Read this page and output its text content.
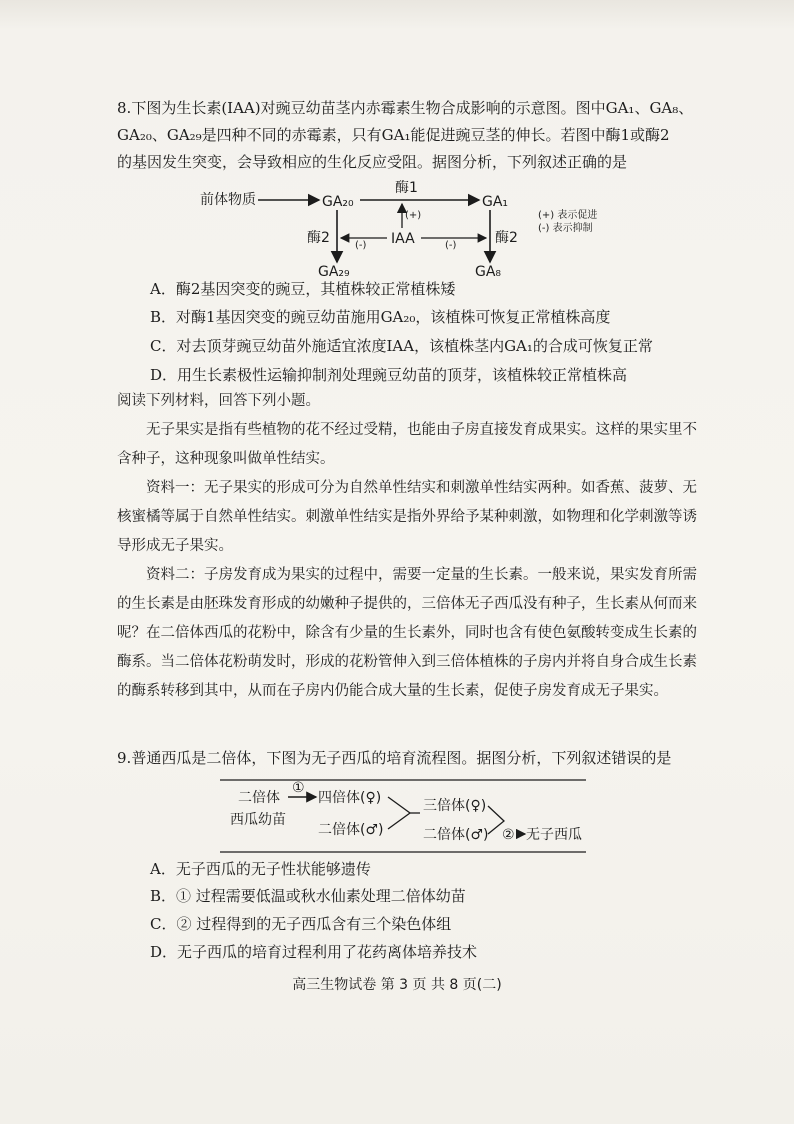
8.下图为生长素(IAA)对豌豆幼苗茎内赤霉素生物合成影响的示意图。图中GA₁、GA₈、
GA₂₀、GA₂₉是四种不同的赤霉素，只有GA₁能促进豌豆茎的伸长。若图中酶1或酶2
的基因发生突变，会导致相应的生化反应受阻。据图分析，下列叙述正确的是
前体物质	GA₂₀
酶1
GA₁
(+)
IAA
酶2	(-)	酶2
(-)
GA₂₉	GA₈
(+) 表示促进
(-) 表示抑制
A．酶2基因突变的豌豆，其植株较正常植株矮
B．对酶1基因突变的豌豆幼苗施用GA₂₀，该植株可恢复正常植株高度
C．对去顶芽豌豆幼苗外施适宜浓度IAA，该植株茎内GA₁的合成可恢复正常
D．用生长素极性运输抑制剂处理豌豆幼苗的顶芽，该植株较正常植株高

阅读下列材料，回答下列小题。

无子果实是指有些植物的花不经过受精，也能由子房直接发育成果实。这样的果实里不含种子，这种现象叫做单性结实。

资料一：无子果实的形成可分为自然单性结实和刺激单性结实两种。如香蕉、菠萝、无核蜜橘等属于自然单性结实。刺激单性结实是指外界给予某种刺激，如物理和化学刺激等诱导形成无子果实。

资料二：子房发育成为果实的过程中，需要一定量的生长素。一般来说，果实发育所需的生长素是由胚珠发育形成的幼嫩种子提供的，三倍体无子西瓜没有种子，生长素从何而来呢？在二倍体西瓜的花粉中，除含有少量的生长素外，同时也含有使色氨酸转变成生长素的酶系。当二倍体花粉萌发时，形成的花粉管伸入到三倍体植株的子房内并将自身合成生长素的酶系转移到其中，从而在子房内仍能合成大量的生长素，促使子房发育成无子果实。

9.普通西瓜是二倍体，下图为无子西瓜的培育流程图。据图分析，下列叙述错误的是
二倍体
西瓜幼苗
①
四倍体(♀)
二倍体(♂)
三倍体(♀)
二倍体(♂) ② 无子西瓜
A．无子西瓜的无子性状能够遗传
B．① 过程需要低温或秋水仙素处理二倍体幼苗
C．② 过程得到的无子西瓜含有三个染色体组
D．无子西瓜的培育过程利用了花药离体培养技术
高三生物试卷 第 3 页 共 8 页(二)
